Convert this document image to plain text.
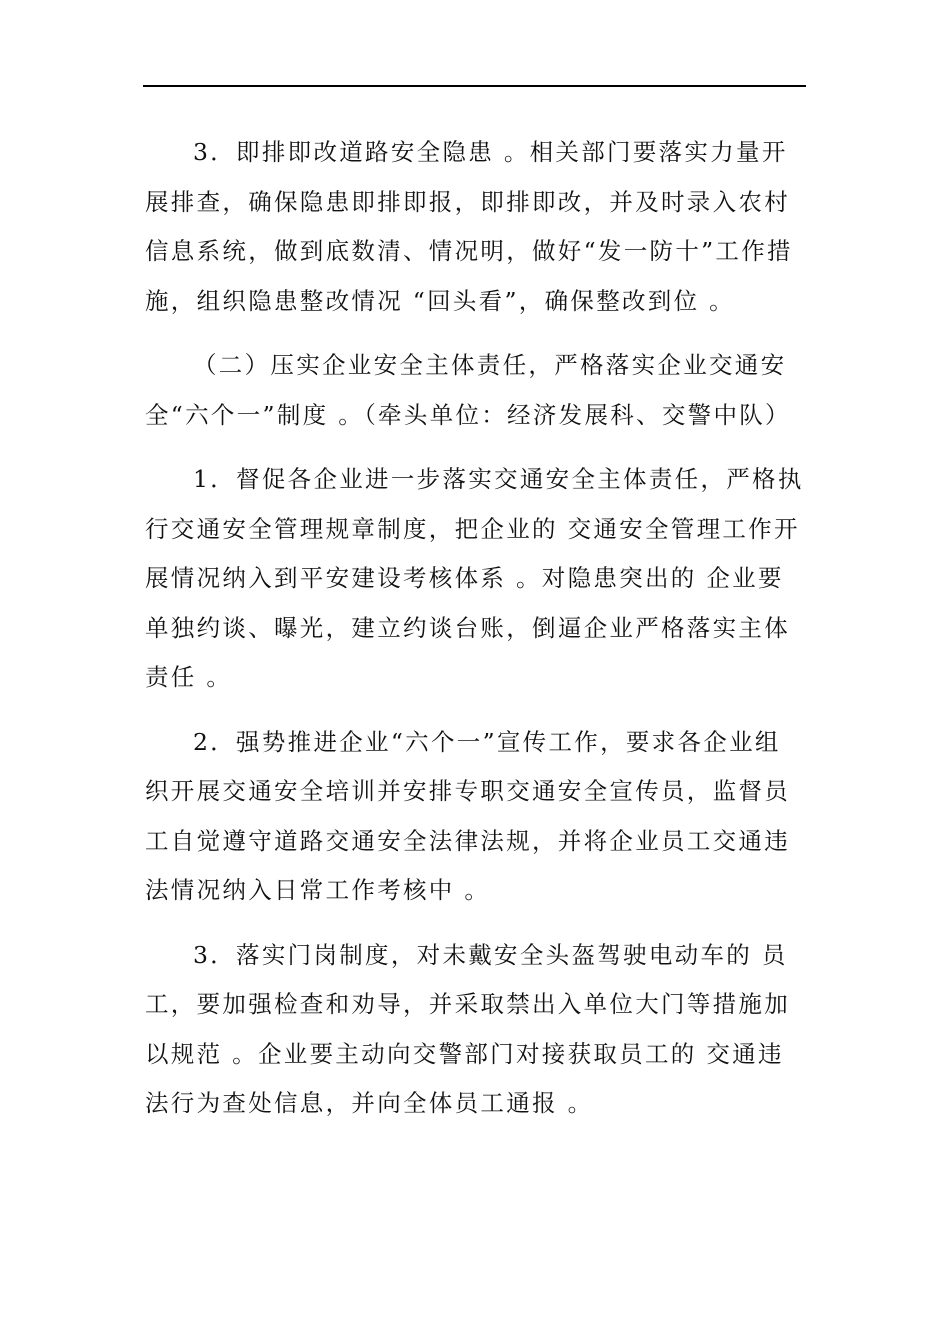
3．即排即改道路安全隐患 。相关部门要落实力量开展排查，确保隐患即排即报，即排即改，并及时录入农村信息系统，做到底数清、情况明，做好“发一防十”工作措施，组织隐患整改情况 “回头看”，确保整改到位 。

（二）压实企业安全主体责任，严格落实企业交通安全“六个一”制度 。（牵头单位：经济发展科、交警中队）

1．督促各企业进一步落实交通安全主体责任，严格执行交通安全管理规章制度，把企业的 交通安全管理工作开展情况纳入到平安建设考核体系 。对隐患突出的 企业要单独约谈、曝光，建立约谈台账，倒逼企业严格落实主体责任 。

2．强势推进企业“六个一”宣传工作，要求各企业组织开展交通安全培训并安排专职交通安全宣传员，监督员工自觉遵守道路交通安全法律法规，并将企业员工交通违法情况纳入日常工作考核中 。

3．落实门岗制度，对未戴安全头盔驾驶电动车的 员工，要加强检查和劝导，并采取禁出入单位大门等措施加以规范 。企业要主动向交警部门对接获取员工的 交通违法行为查处信息，并向全体员工通报 。
